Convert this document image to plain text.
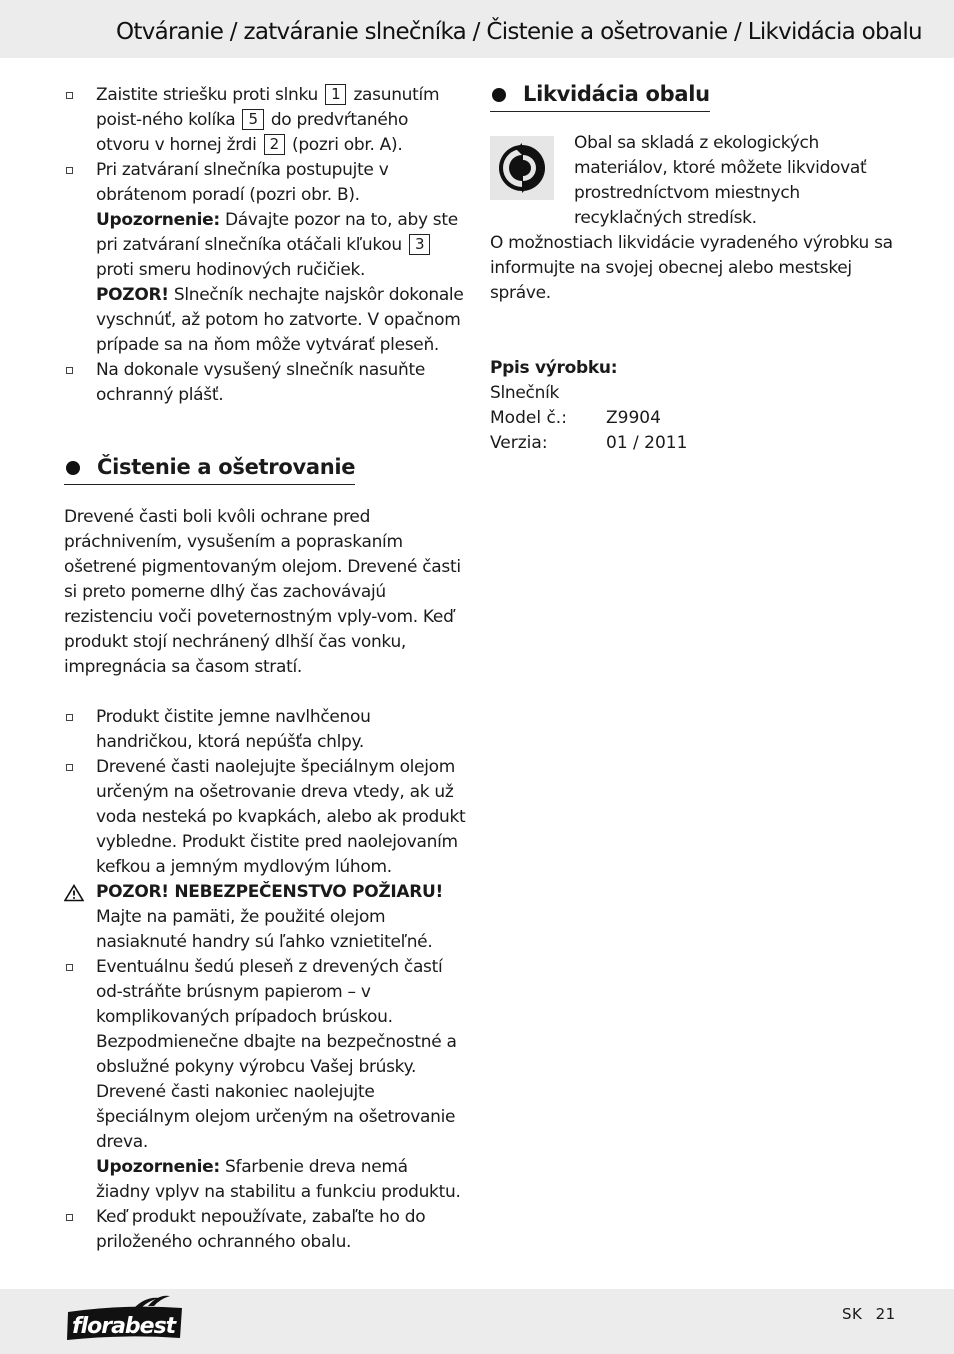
Otváranie / zatváranie slnečníka / Čistenie a ošetrovanie / Likvidácia obalu
Zaistite striešku proti slnku 1 zasunutím poist-ného kolíka 5 do predvŕtaného otvoru v hornej žrdi 2 (pozri obr. A).

Pri zatváraní slnečníka postupujte v obrátenom poradí (pozri obr. B).

Upozornenie: Dávajte pozor na to, aby ste pri zatváraní slnečníka otáčali kľukou 3 proti smeru hodinových ručičiek.

POZOR! Slnečník nechajte najskôr dokonale vyschnúť, až potom ho zatvorte. V opačnom prípade sa na ňom môže vytvárať pleseň.

Na dokonale vysušený slnečník nasuňte ochranný plášť.
Čistenie a ošetrovanie

Drevené časti boli kvôli ochrane pred práchnivením, vysušením a popraskaním ošetrené pigmentovaným olejom. Drevené časti si preto pomerne dlhý čas zachovávajú rezistenciu voči poveternostným vply-vom. Keď produkt stojí nechránený dlhší čas vonku, impregnácia sa časom stratí.

Produkt čistite jemne navlhčenou handričkou, ktorá nepúšťa chlpy.
Drevené časti naolejujte špeciálnym olejom určeným na ošetrovanie dreva vtedy, ak už voda nesteká po kvapkách, alebo ak produkt vybledne. Produkt čistite pred naolejovaním kefkou a jemným mydlovým lúhom.
POZOR! NEBEZPEČENSTVO POŽIARU!

Majte na pamäti, že použité olejom nasiaknuté handry sú ľahko vznietiteľné.

Eventuálnu šedú pleseň z drevených častí od-stráňte brúsnym papierom – v komplikovaných prípadoch brúskou. Bezpodmienečne dbajte na bezpečnostné a obslužné pokyny výrobcu Vašej brúsky. Drevené časti nakoniec naolejujte špeciálnym olejom určeným na ošetrovanie dreva.

Upozornenie: Sfarbenie dreva nemá žiadny vplyv na stabilitu a funkciu produktu.

Keď produkt nepoužívate, zabaľte ho do priloženého ochranného obalu.
Likvidácia obalu

Obal sa skladá z ekologických materiálov, ktoré môžete likvidovať prostredníctvom miestnych recyklačných stredísk.

O možnostiach likvidácie vyradeného výrobku sa informujte na svojej obecnej alebo mestskej správe.

Ppis výrobku:

Slnečník

Model č.:	Z9904
Verzia:	01 / 2011
florabest	SK 21
